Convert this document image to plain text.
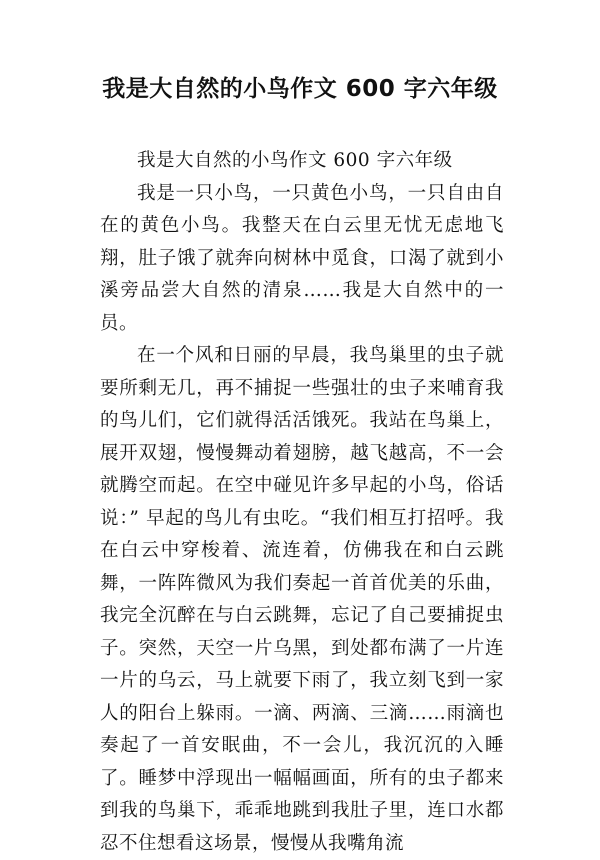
我是大自然的小鸟作文 600 字六年级

我是大自然的小鸟作文 600 字六年级

我是一只小鸟，一只黄色小鸟，一只自由自在的黄色小鸟。我整天在白云里无忧无虑地飞翔，肚子饿了就奔向树林中觅食，口渴了就到小溪旁品尝大自然的清泉……我是大自然中的一员。

在一个风和日丽的早晨，我鸟巢里的虫子就要所剩无几，再不捕捉一些强壮的虫子来哺育我的鸟儿们，它们就得活活饿死。我站在鸟巢上，展开双翅，慢慢舞动着翅膀，越飞越高，不一会就腾空而起。在空中碰见许多早起的小鸟，俗话说：” 早起的鸟儿有虫吃。“我们相互打招呼。我在白云中穿梭着、流连着，仿佛我在和白云跳舞，一阵阵微风为我们奏起一首首优美的乐曲，我完全沉醉在与白云跳舞，忘记了自己要捕捉虫子。突然，天空一片乌黑，到处都布满了一片连一片的乌云，马上就要下雨了，我立刻飞到一家人的阳台上躲雨。一滴、两滴、三滴……雨滴也奏起了一首安眠曲，不一会儿，我沉沉的入睡了。睡梦中浮现出一幅幅画面，所有的虫子都来到我的鸟巢下，乖乖地跳到我肚子里，连口水都忍不住想看这场景，慢慢从我嘴角流
